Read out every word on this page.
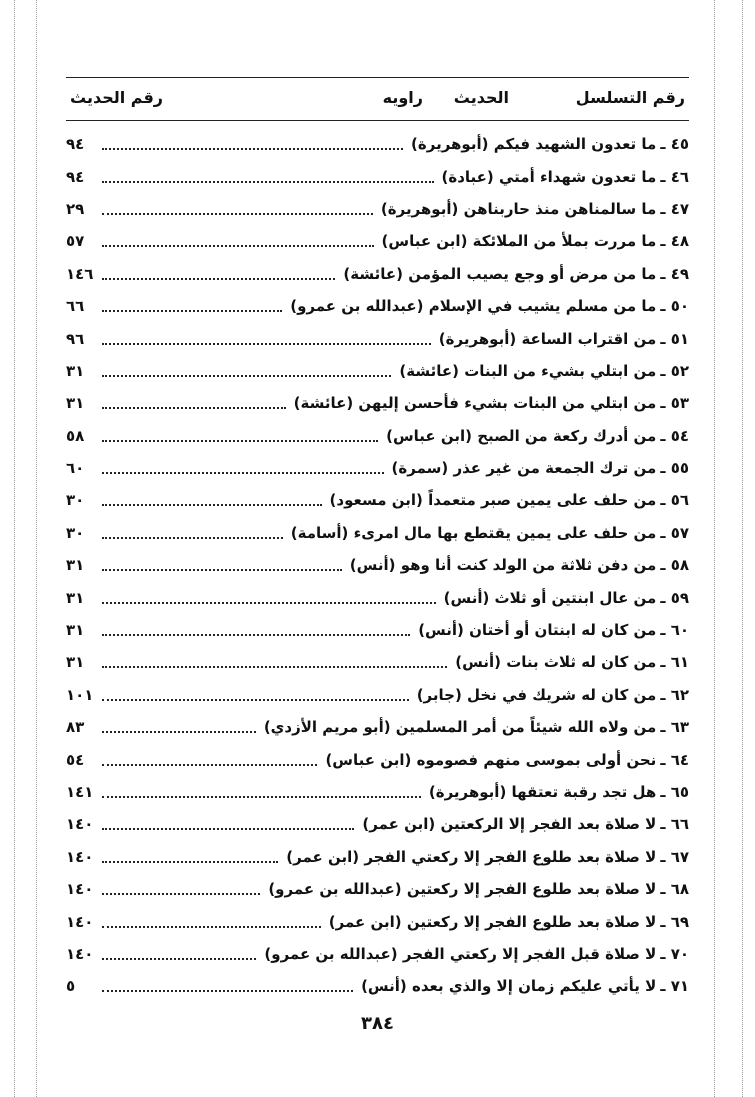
رقم التسلسل
الحديث
راويه
رقم الحديث
٤٥ ـ
ما تعدون الشهيد فيكم (أبوهريرة)
٩٤
٤٦ ـ
ما تعدون شهداء أمتي (عبادة)
٩٤
٤٧ ـ
ما سالمناهن منذ حاربناهن (أبوهريرة)
٢٩
٤٨ ـ
ما مررت بملأ من الملائكة (ابن عباس)
٥٧
٤٩ ـ
ما من مرض أو وجع يصيب المؤمن (عائشة)
١٤٦
٥٠ ـ
ما من مسلم يشيب في الإسلام (عبدالله بن عمرو)
٦٦
٥١ ـ
من اقتراب الساعة (أبوهريرة)
٩٦
٥٢ ـ
من ابتلي بشيء من البنات (عائشة)
٣١
٥٣ ـ
من ابتلي من البنات بشيء فأحسن إليهن (عائشة)
٣١
٥٤ ـ
من أدرك ركعة من الصبح (ابن عباس)
٥٨
٥٥ ـ
من ترك الجمعة من غير عذر (سمرة)
٦٠
٥٦ ـ
من حلف على يمين صبر متعمداً (ابن مسعود)
٣٠
٥٧ ـ
من حلف على يمين يقتطع بها مال امرىء (أسامة)
٣٠
٥٨ ـ
من دفن ثلاثة من الولد كنت أنا وهو (أنس)
٣١
٥٩ ـ
من عال ابنتين أو ثلاث (أنس)
٣١
٦٠ ـ
من كان له ابنتان أو أختان (أنس)
٣١
٦١ ـ
من كان له ثلاث بنات (أنس)
٣١
٦٢ ـ
من كان له شريك في نخل (جابر)
١٠١
٦٣ ـ
من ولاه الله شيئاً من أمر المسلمين (أبو مريم الأزدي)
٨٣
٦٤ ـ
نحن أولى بموسى منهم فصوموه (ابن عباس)
٥٤
٦٥ ـ
هل تجد رقبة تعتقها (أبوهريرة)
١٤١
٦٦ ـ
لا صلاة بعد الفجر إلا الركعتين (ابن عمر)
١٤٠
٦٧ ـ
لا صلاة بعد طلوع الفجر إلا ركعتي الفجر (ابن عمر)
١٤٠
٦٨ ـ
لا صلاة بعد طلوع الفجر إلا ركعتين (عبدالله بن عمرو)
١٤٠
٦٩ ـ
لا صلاة بعد طلوع الفجر إلا ركعتين (ابن عمر)
١٤٠
٧٠ ـ
لا صلاة قبل الفجر إلا ركعتي الفجر (عبدالله بن عمرو)
١٤٠
٧١ ـ
لا يأتي عليكم زمان إلا والذي بعده (أنس)
٥
٣٨٤
